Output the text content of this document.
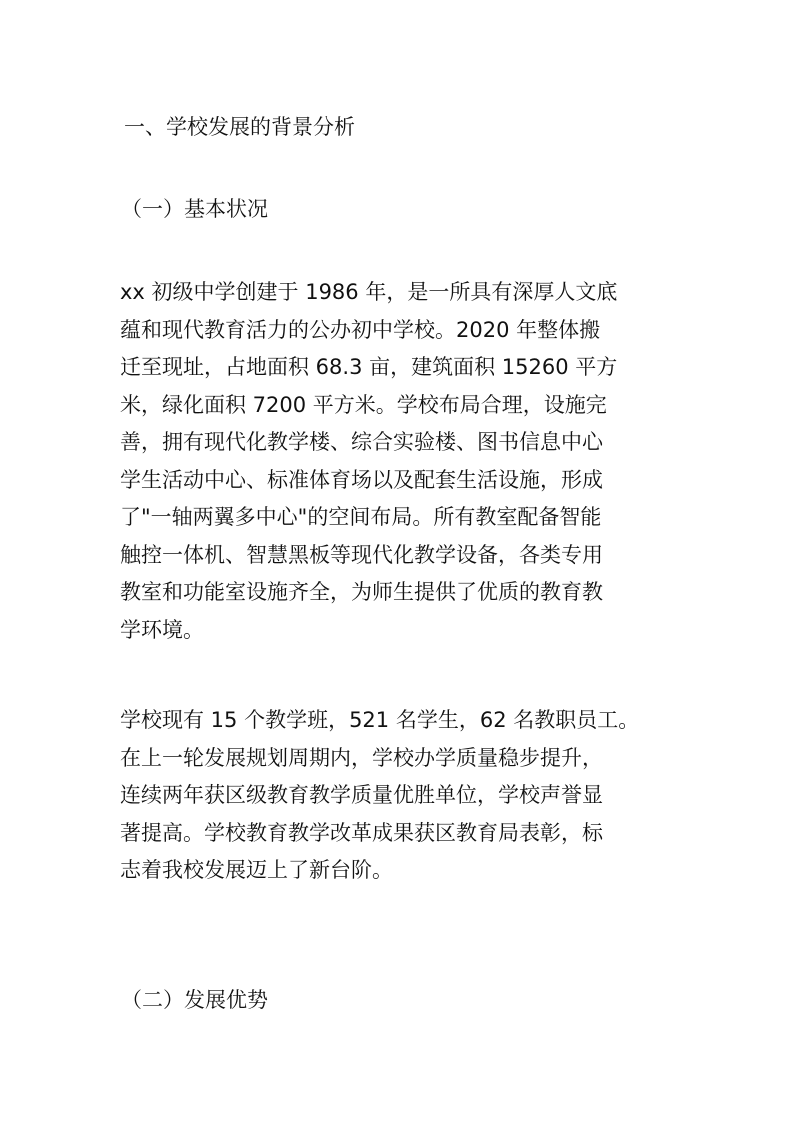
一、学校发展的背景分析
（一）基本状况
xx 初级中学创建于 1986 年，是一所具有深厚人文底
蕴和现代教育活力的公办初中学校。2020 年整体搬
迁至现址，占地面积 68.3 亩，建筑面积 15260 平方
米，绿化面积 7200 平方米。学校布局合理，设施完
善，拥有现代化教学楼、综合实验楼、图书信息中心
学生活动中心、标准体育场以及配套生活设施，形成
了"一轴两翼多中心"的空间布局。所有教室配备智能
触控一体机、智慧黑板等现代化教学设备，各类专用
教室和功能室设施齐全，为师生提供了优质的教育教
学环境。
学校现有 15 个教学班，521 名学生，62 名教职员工。
在上一轮发展规划周期内，学校办学质量稳步提升，
连续两年获区级教育教学质量优胜单位，学校声誉显
著提高。学校教育教学改革成果获区教育局表彰，标
志着我校发展迈上了新台阶。
（二）发展优势
